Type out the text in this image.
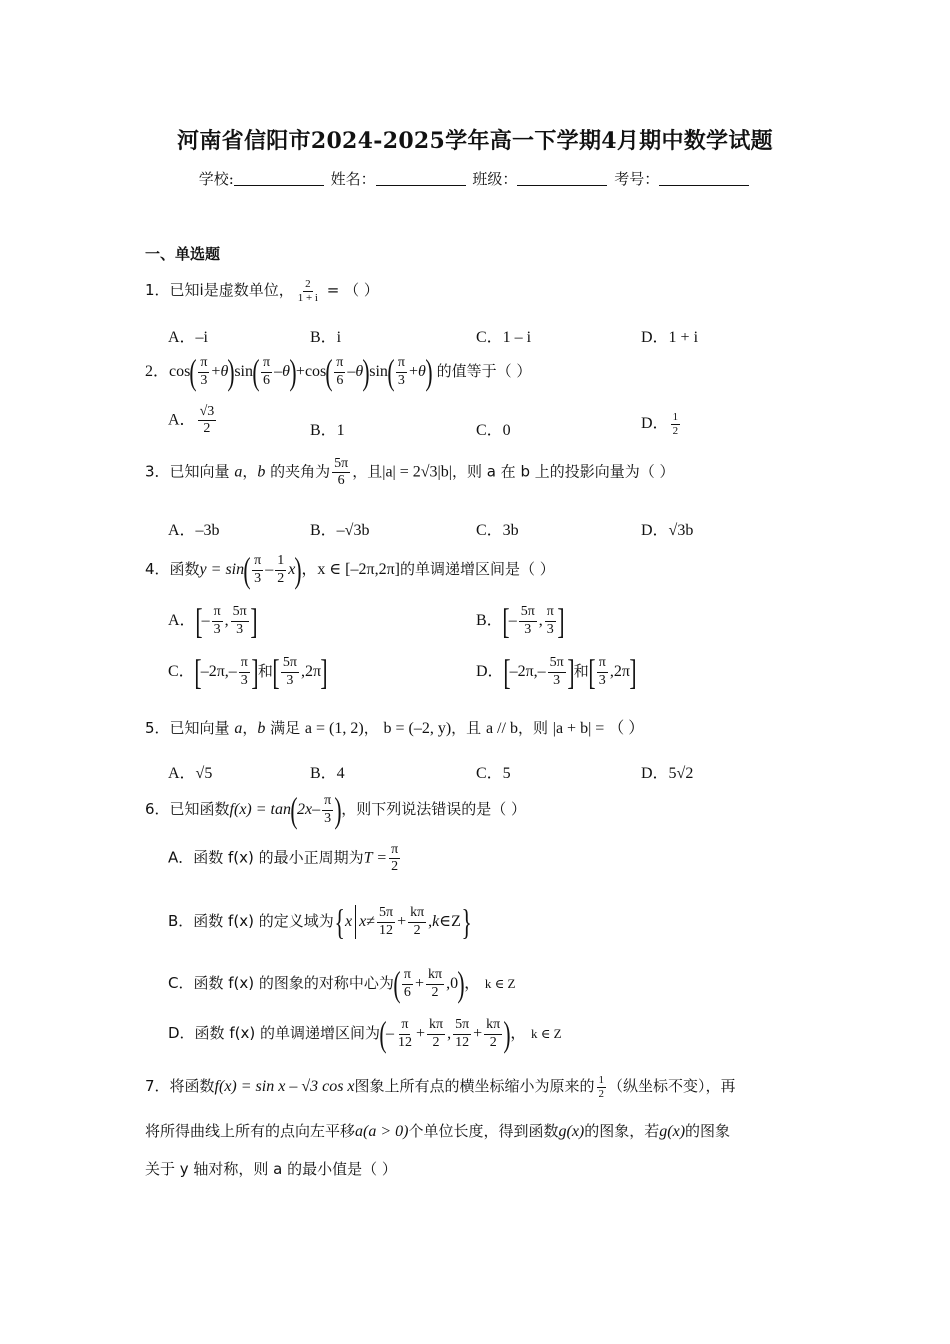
河南省信阳市2024-2025学年高一下学期4月期中数学试题
学校:	姓名：	班级：	考号：
一、单选题
1．已知i是虚数单位， $\frac{2}{1 + i}$ = （ ）
A．–i	B．i	C．1 – i	D．1 + i
2．$\cos( \frac{\pi}{3} +\theta)\sin( \frac{\pi}{6} -\theta)+\cos( \frac{\pi}{6} -\theta)\sin( \frac{\pi}{3} +\theta)$ 的值等于（ ）
A． $\frac{√3}{2}$	B．1	C．0	D． $\frac{1}{2}$
3．已知向量 a，b 的夹角为 $\frac{5\pi}{6}$ ，且|a| = 2√3|b|，则 a 在 b 上的投影向量为（ ）
A．–3b	B．–√3b	C．3b	D．√3b
4．函数$y = \sin( \frac{\pi}{3} - \frac{1}{2} x)$，x ∈ [–2π,2π]的单调递增区间是（ ）
A．[– $\frac{\pi}{3}$ , $\frac{5\pi}{3}$ ]	B．[– $\frac{5\pi}{3}$ , $\frac{\pi}{3}$ ]
C．[$-2\pi,- \frac{\pi}{3}$ ]和[ $\frac{5\pi}{3} ,2\pi$]	D．[$-2\pi,- \frac{5\pi}{3}$ ]和[ $\frac{\pi}{3} ,2\pi$]
5．已知向量 a，b 满足 a = (1, 2)， b = (–2, y)，且 a // b，则 |a + b| = （ ）
A．√5	B．4	C．5	D．5√2
6．已知函数$f(x) = \tan(2x- \frac{\pi}{3}$ )，则下列说法错误的是（ ）
A．函数 f(x) 的最小正周期为$T = \frac{\pi}{2}$
B．函数 f(x) 的定义域为{x $x\ne \frac{5\pi}{12} + \frac{k\pi}{2}$ ,k∈Z}
C．函数 f(x) 的图象的对称中心为( $\frac{\pi}{6} + \frac{k\pi}{2} ,0$)， k ∈ Z
D．函数 f(x) 的单调递增区间为(– $\frac{\pi}{12} + \frac{k\pi}{2}$ , $\frac{5\pi}{12} + \frac{k\pi}{2}$ )， k ∈ Z
7．将函数f(x) = sin x – √3 cos x图象上所有点的横坐标缩小为原来的 $\frac{1}{2}$ （纵坐标不变），再
将所得曲线上所有的点向左平移a(a > 0)个单位长度，得到函数g(x)的图象，若g(x)的图象
关于 y 轴对称，则 a 的最小值是（ ）
